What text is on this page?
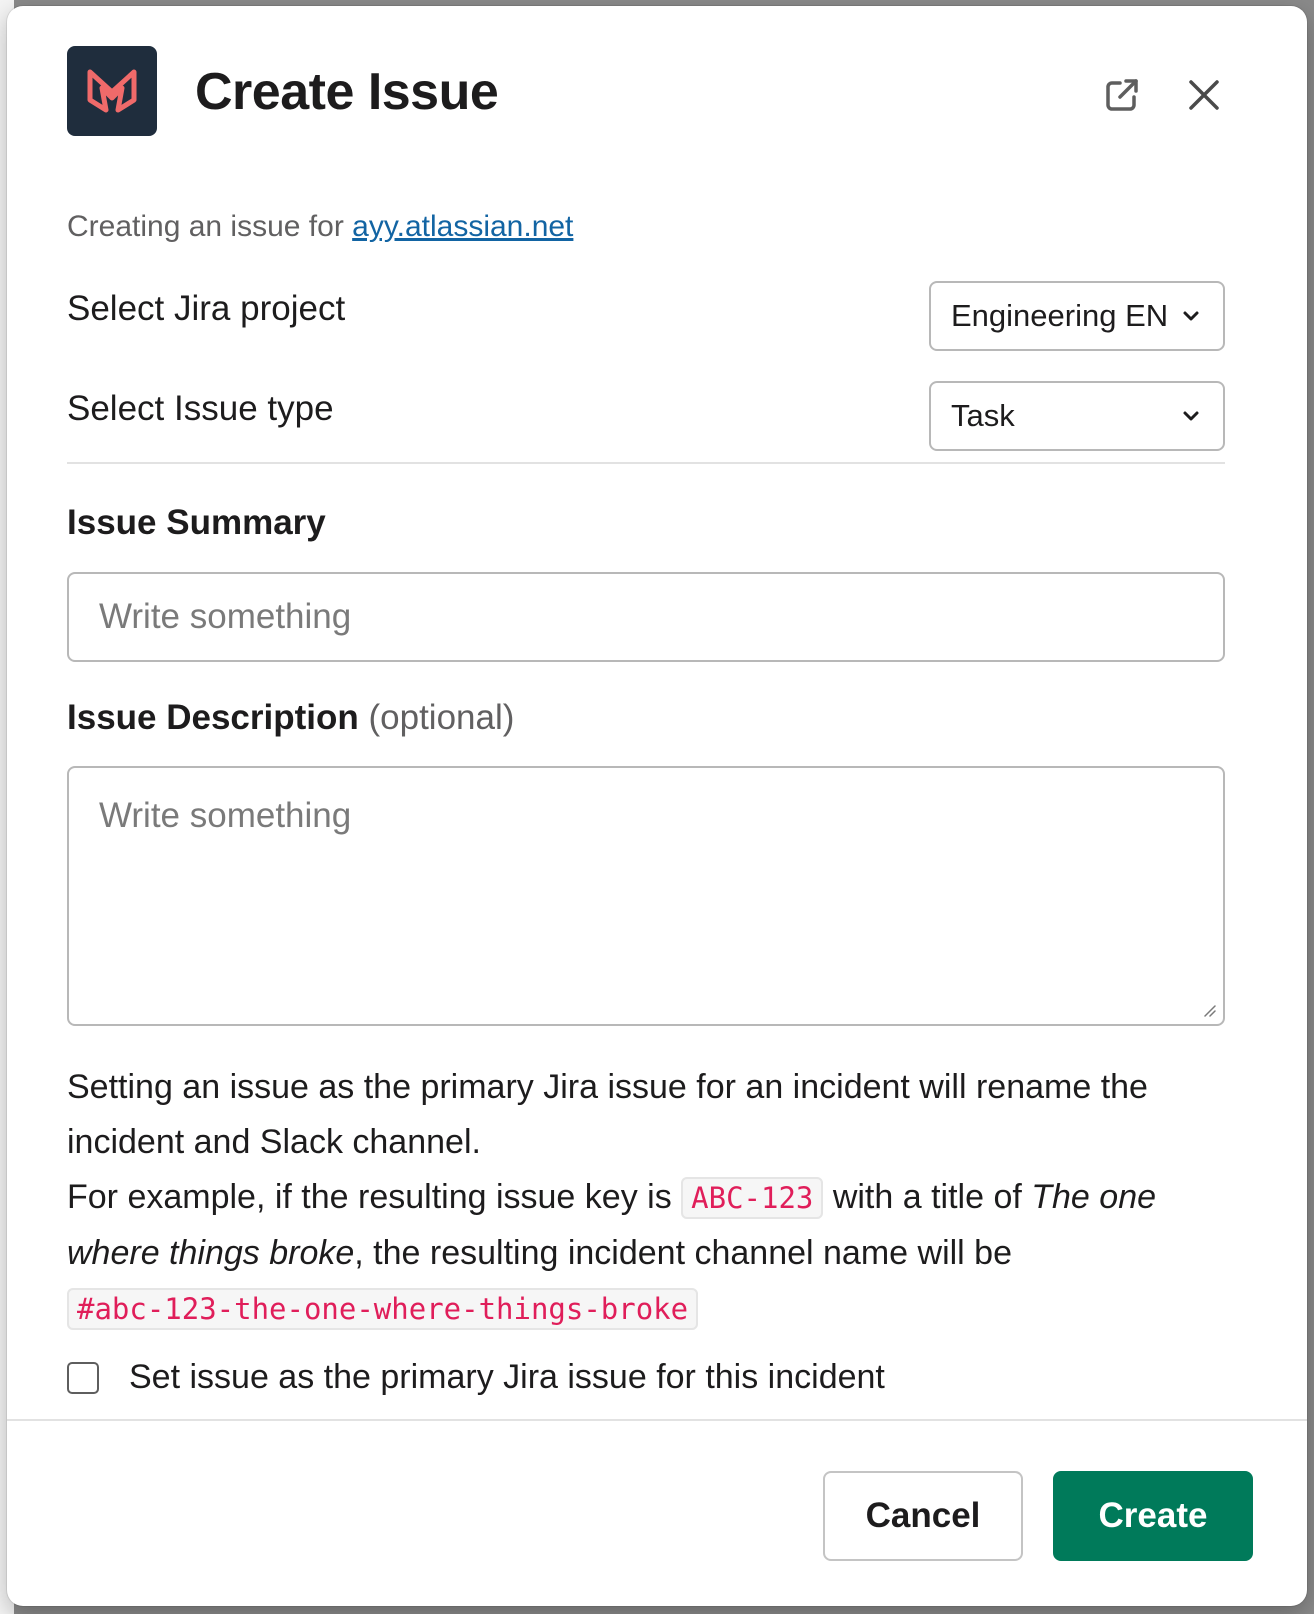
Create Issue
Creating an issue for ayy.atlassian.net
Select Jira project	Engineering EN
Select Issue type	Task
Issue Summary
Write something
Issue Description (optional)
Write something

Setting an issue as the primary Jira issue for an incident will rename the incident and Slack channel.

For example, if the resulting issue key is ABC-123 with a title of The one where things broke, the resulting incident channel name will be
#abc-123-the-one-where-things-broke

Set issue as the primary Jira issue for this incident
Cancel	Create
